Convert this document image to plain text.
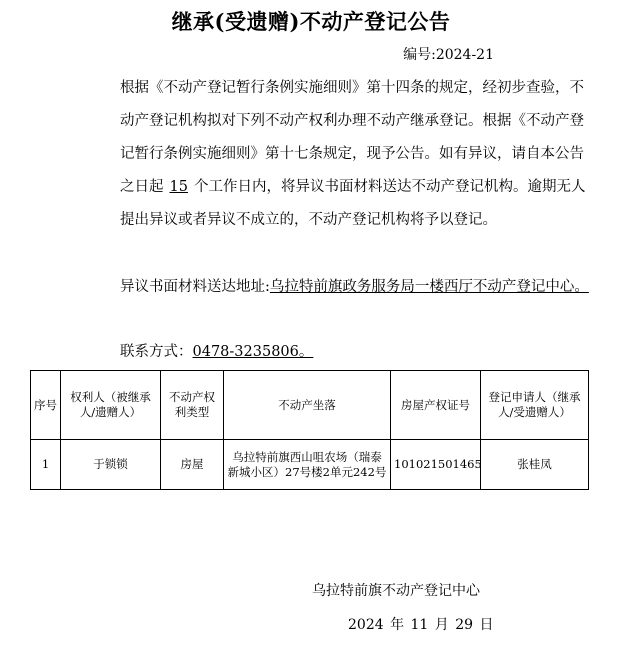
继承(受遗赠)不动产登记公告
编号:2024-21
根据《不动产登记暂行条例实施细则》第十四条的规定，经初步查验，不动产登记机构拟对下列不动产权利办理不动产继承登记。根据《不动产登记暂行条例实施细则》第十七条规定，现予公告。如有异议，请自本公告之日起 15 个工作日内，将异议书面材料送达不动产登记机构。逾期无人提出异议或者异议不成立的，不动产登记机构将予以登记。
异议书面材料送达地址:乌拉特前旗政务服务局一楼西厅不动产登记中心。
联系方式：0478-3235806。
序号	权利人（被继承人/遗赠人）	不动产权利类型	不动产坐落	房屋产权证号	登记申请人（继承人/受遗赠人）
1	于锁锁	房屋	乌拉特前旗西山咀农场（瑞泰新城小区）27号楼2单元242号	101021501465	张桂凤
乌拉特前旗不动产登记中心
2024 年 11 月 29 日
